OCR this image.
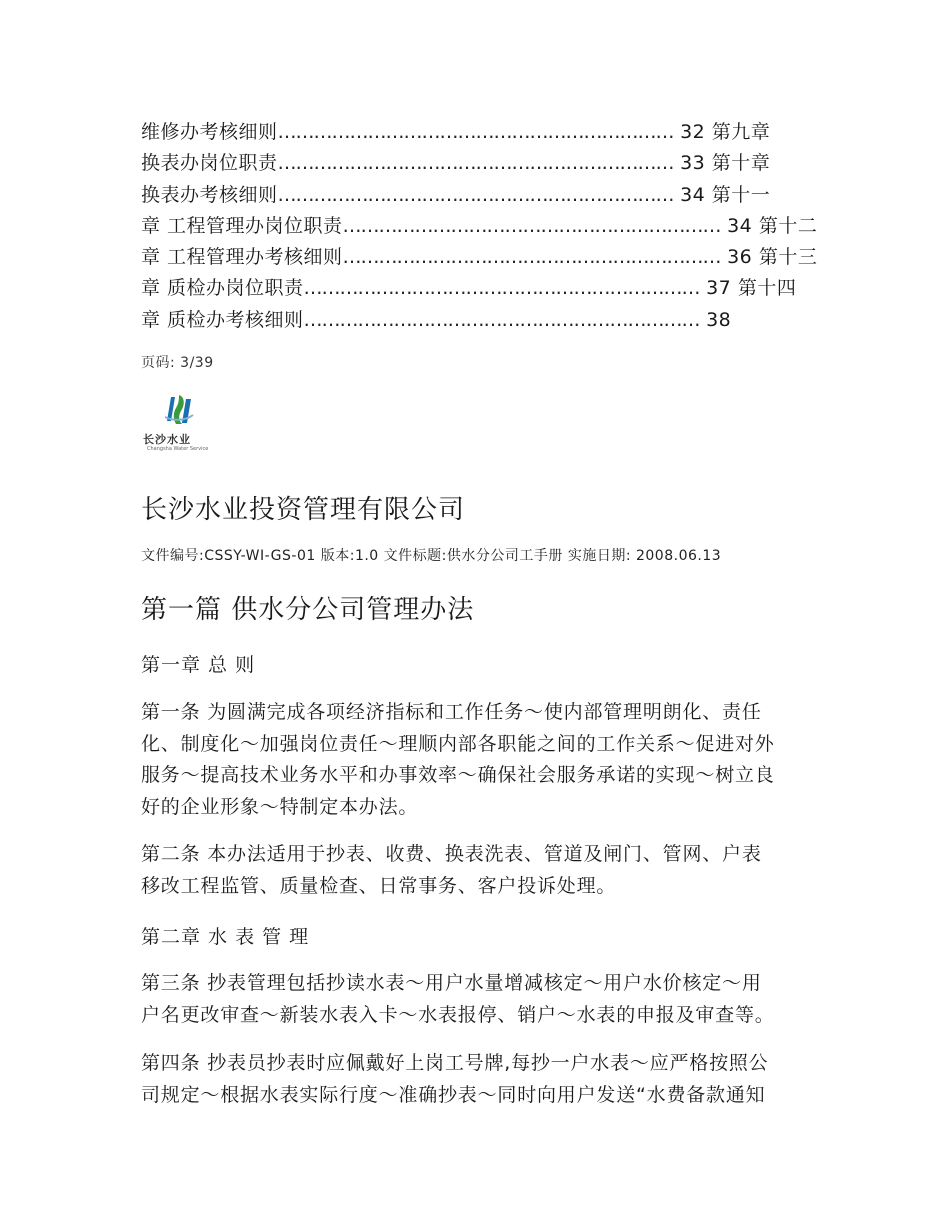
维修办考核细则………………………………………………………… 32 第九章
换表办岗位职责………………………………………………………… 33 第十章
换表办考核细则………………………………………………………… 34 第十一
章 工程管理办岗位职责……………………………………………………… 34 第十二
章 工程管理办考核细则……………………………………………………… 36 第十三
章 质检办岗位职责………………………………………………………… 37 第十四
章 质检办考核细则………………………………………………………… 38
页码: 3/39
长沙水业
Changsha Water Service
长沙水业投资管理有限公司
文件编号:CSSY-WI-GS-01 版本:1.0 文件标题:供水分公司工手册 实施日期: 2008.06.13
第一篇 供水分公司管理办法
第一章 总 则
第一条 为圆满完成各项经济指标和工作任务～使内部管理明朗化、责任
化、制度化～加强岗位责任～理顺内部各职能之间的工作关系～促进对外
服务～提高技术业务水平和办事效率～确保社会服务承诺的实现～树立良
好的企业形象～特制定本办法。
第二条 本办法适用于抄表、收费、换表洗表、管道及闸门、管网、户表
移改工程监管、质量检查、日常事务、客户投诉处理。
第二章 水 表 管 理
第三条 抄表管理包括抄读水表～用户水量增减核定～用户水价核定～用
户名更改审查～新装水表入卡～水表报停、销户～水表的申报及审查等。
第四条 抄表员抄表时应佩戴好上岗工号牌,每抄一户水表～应严格按照公
司规定～根据水表实际行度～准确抄表～同时向用户发送“水费备款通知
